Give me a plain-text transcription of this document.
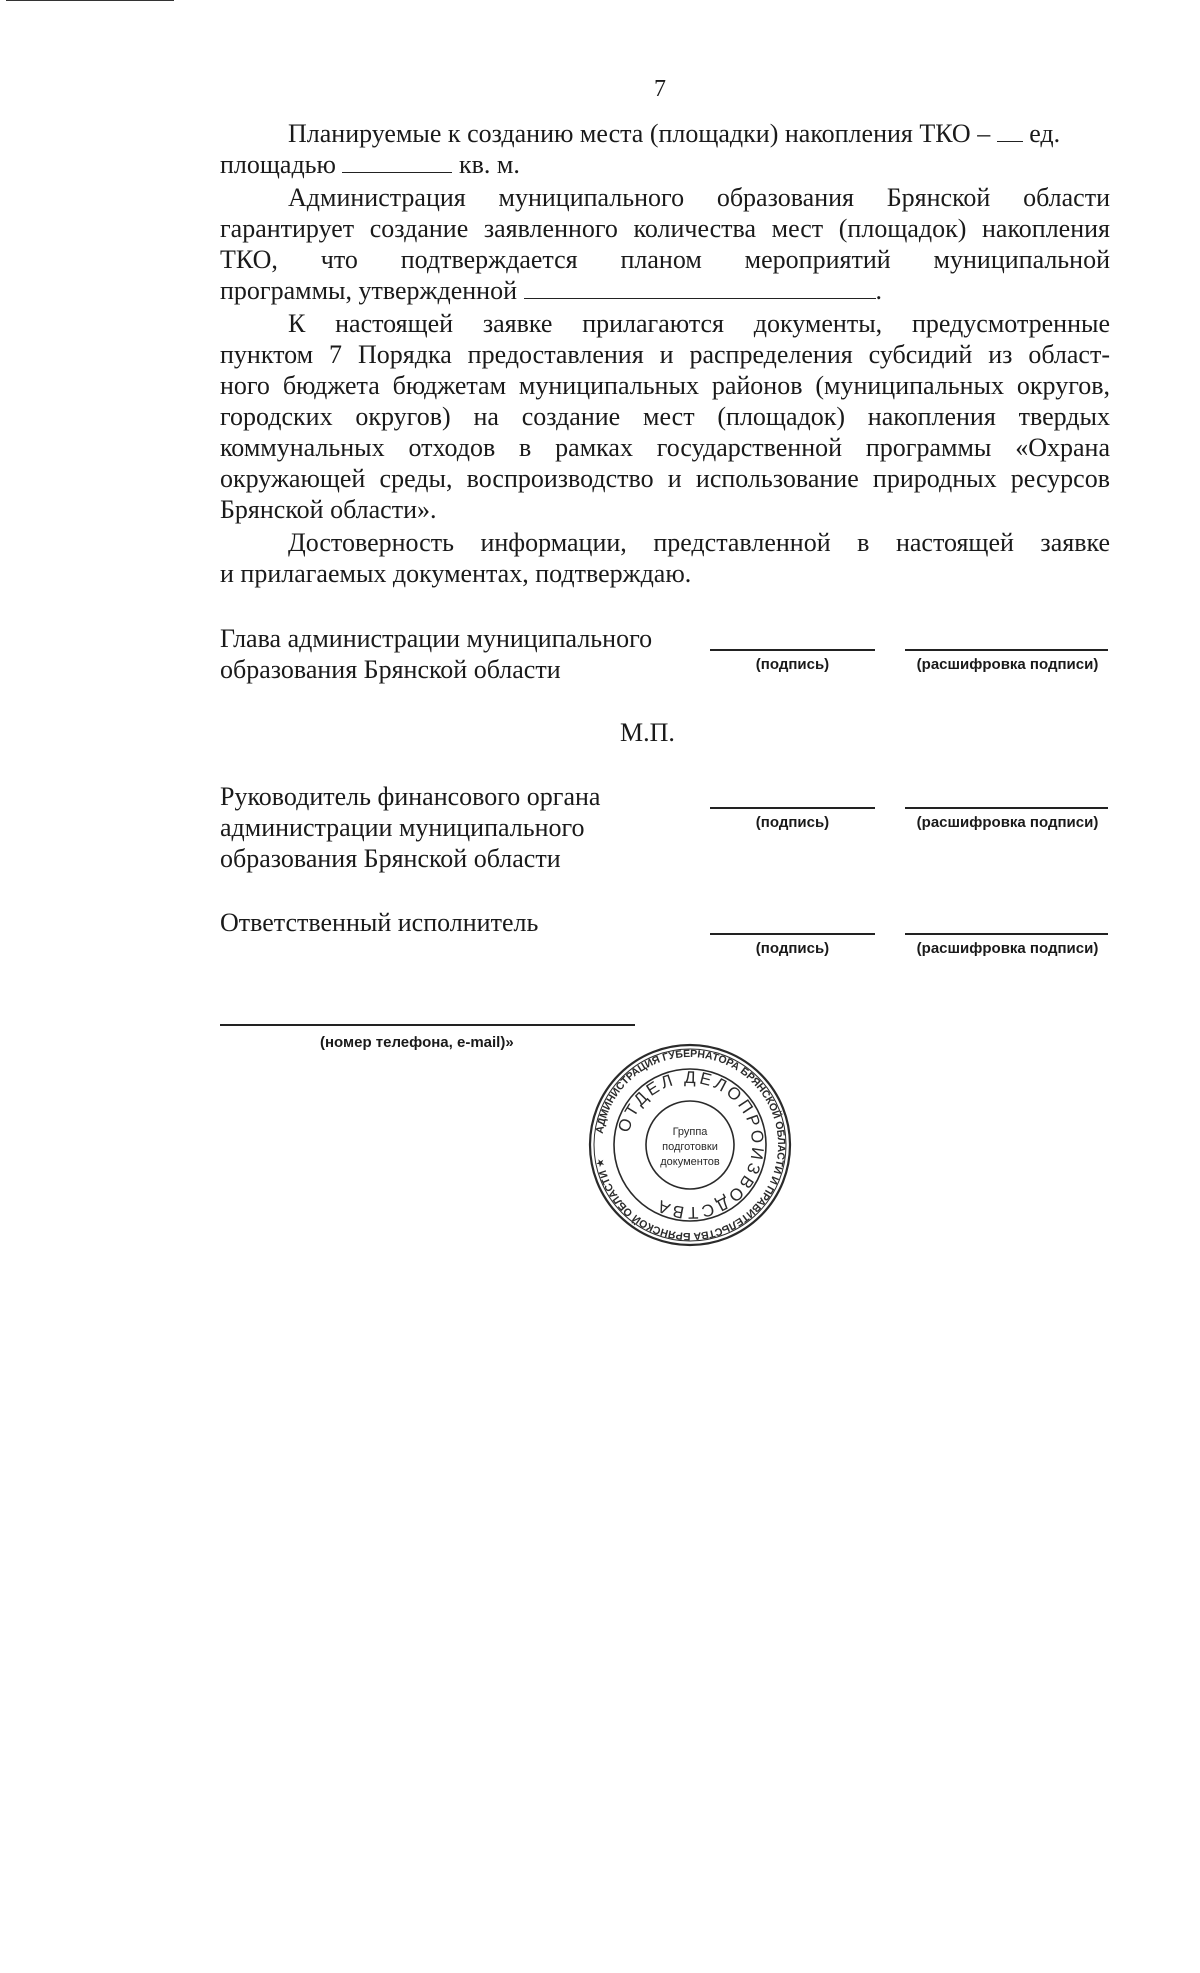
7
Планируемые к созданию места (площадки) накопления ТКО – ед.
площадью	кв. м.
Администрация муниципального образования Брянской области
гарантирует создание заявленного количества мест (площадок) накопления
ТКО, что подтверждается планом мероприятий муниципальной
программы, утвержденной	.
К настоящей заявке прилагаются документы, предусмотренные
пунктом 7 Порядка предоставления и распределения субсидий из област-
ного бюджета бюджетам муниципальных районов (муниципальных округов,
городских округов) на создание мест (площадок) накопления твердых
коммунальных отходов в рамках государственной программы «Охрана
окружающей среды, воспроизводство и использование природных ресурсов
Брянской области».
Достоверность информации, представленной в настоящей заявке
и прилагаемых документах, подтверждаю.
Глава администрации муниципального
образования Брянской области	(подпись)	(расшифровка подписи)
М.П.
Руководитель финансового органа
администрации муниципального
образования Брянской области
(подпись)	(расшифровка подписи)
Ответственный исполнитель
(подпись)	(расшифровка подписи)
(номер телефона, e-mail)»
АДМИНИСТРАЦИЯ ГУБЕРНАТОРА БРЯНСКОЙ ОБЛАСТИ И ПРАВИТЕЛЬСТВА БРЯНСКОЙ ОБЛАСТИ ★
ОТДЕЛ ДЕЛОПРОИЗВОДСТВА
Группа
подготовки
документов
